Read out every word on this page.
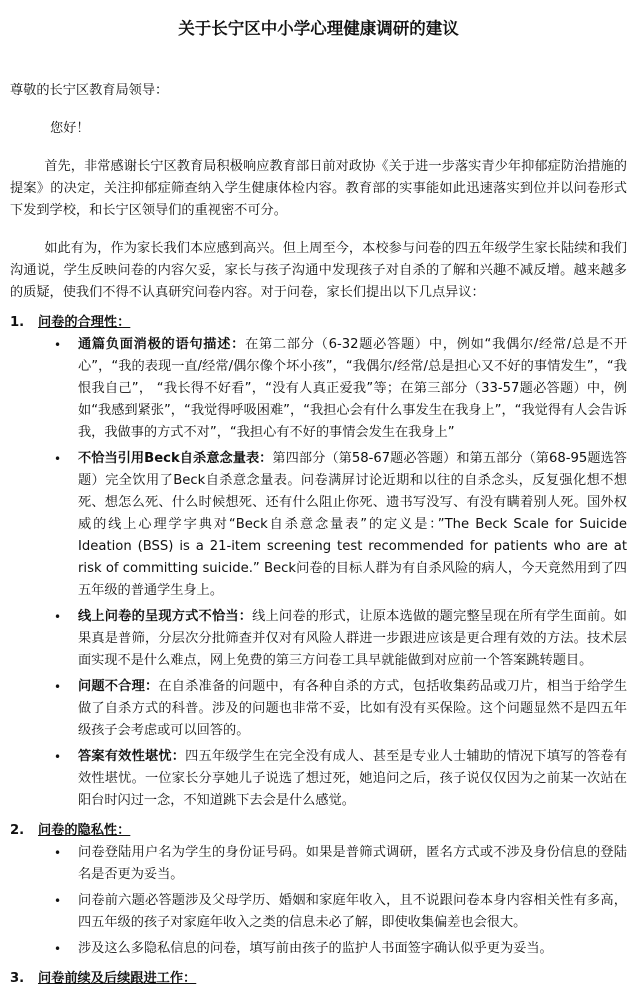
关于长宁区中小学心理健康调研的建议
尊敬的长宁区教育局领导：
您好！
首先，非常感谢长宁区教育局积极响应教育部日前对政协《关于进一步落实青少年抑郁症防治措施的提案》的决定，关注抑郁症筛查纳入学生健康体检内容。教育部的实事能如此迅速落实到位并以问卷形式下发到学校，和长宁区领导们的重视密不可分。
如此有为，作为家长我们本应感到高兴。但上周至今，本校参与问卷的四五年级学生家长陆续和我们沟通说，学生反映问卷的内容欠妥，家长与孩子沟通中发现孩子对自杀的了解和兴趣不减反增。越来越多的质疑，使我们不得不认真研究问卷内容。对于问卷，家长们提出以下几点异议：
1.	问卷的合理性：
• 通篇负面消极的语句描述：在第二部分（6-32题必答题）中，例如“我偶尔/经常/总是不开心”，“我的表现一直/经常/偶尔像个坏小孩”，“我偶尔/经常/总是担心又不好的事情发生”，“我恨我自己”， “我长得不好看”，“没有人真正爱我”等；在第三部分（33-57题必答题）中，例如“我感到紧张”，“我觉得呼吸困难”，“我担心会有什么事发生在我身上”，“我觉得有人会告诉我，我做事的方式不对”，“我担心有不好的事情会发生在我身上”
• 不恰当引用Beck自杀意念量表：第四部分（第58-67题必答题）和第五部分（第68-95题选答题）完全饮用了Beck自杀意念量表。问卷满屏讨论近期和以往的自杀念头，反复强化想不想死、想怎么死、什么时候想死、还有什么阻止你死、遗书写没写、有没有瞒着别人死。国外权威的线上心理学字典对“Beck自杀意念量表”的定义是：”The Beck Scale for Suicide Ideation (BSS) is a 21-item screening test recommended for patients who are at risk of committing suicide.” Beck问卷的目标人群为有自杀风险的病人，今天竟然用到了四五年级的普通学生身上。
• 线上问卷的呈现方式不恰当：线上问卷的形式，让原本选做的题完整呈现在所有学生面前。如果真是普筛，分层次分批筛查并仅对有风险人群进一步跟进应该是更合理有效的方法。技术层面实现不是什么难点，网上免费的第三方问卷工具早就能做到对应前一个答案跳转题目。
• 问题不合理：在自杀准备的问题中，有各种自杀的方式，包括收集药品或刀片，相当于给学生做了自杀方式的科普。涉及的问题也非常不妥，比如有没有买保险。这个问题显然不是四五年级孩子会考虑或可以回答的。
• 答案有效性堪忧：四五年级学生在完全没有成人、甚至是专业人士辅助的情况下填写的答卷有效性堪忧。一位家长分享她儿子说选了想过死，她追问之后，孩子说仅仅因为之前某一次站在阳台时闪过一念，不知道跳下去会是什么感觉。
2.	问卷的隐私性：
• 问卷登陆用户名为学生的身份证号码。如果是普筛式调研，匿名方式或不涉及身份信息的登陆名是否更为妥当。
• 问卷前六题必答题涉及父母学历、婚姻和家庭年收入，且不说跟问卷本身内容相关性有多高，四五年级的孩子对家庭年收入之类的信息未必了解，即使收集偏差也会很大。
• 涉及这么多隐私信息的问卷，填写前由孩子的监护人书面签字确认似乎更为妥当。
3.	问卷前续及后续跟进工作：
